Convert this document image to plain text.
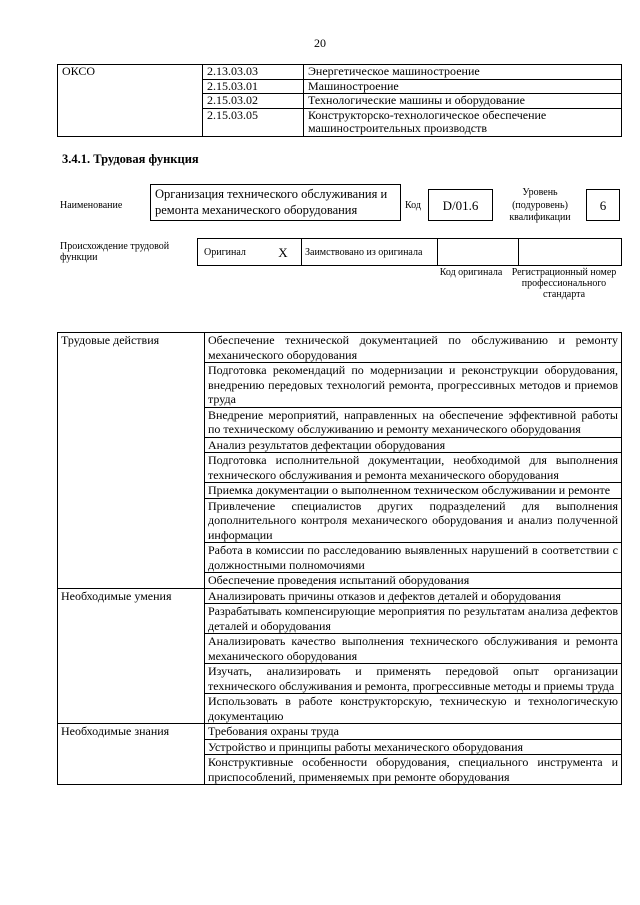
20
ОКСО	2.13.03.03	Энергетическое машиностроение
	2.15.03.01	Машиностроение
	2.15.03.02	Технологические машины и оборудование
	2.15.03.05	Конструкторско-технологическое обеспечение машиностроительных производств
3.4.1. Трудовая функция
Наименование
Организация технического обслуживания и ремонта механического оборудования	Код	D/01.6
Уровень (подуровень) квалификации
6
Происхождение трудовой функции	Оригинал	X	Заимствовано из оригинала		
Код оригинала Регистрационный номер профессионального стандарта
Трудовые действия	Обеспечение технической документацией по обслуживанию и ремонту механического оборудования
	Подготовка рекомендаций по модернизации и реконструкции оборудования, внедрению передовых технологий ремонта, прогрессивных методов и приемов труда
	Внедрение мероприятий, направленных на обеспечение эффективной работы по техническому обслуживанию и ремонту механического оборудования
	Анализ результатов дефектации оборудования
	Подготовка исполнительной документации, необходимой для выполнения технического обслуживания и ремонта механического оборудования
	Приемка документации о выполненном техническом обслуживании и ремонте
	Привлечение специалистов других подразделений для выполнения дополнительного контроля механического оборудования и анализ полученной информации
	Работа в комиссии по расследованию выявленных нарушений в соответствии с должностными полномочиями
	Обеспечение проведения испытаний оборудования
Необходимые умения	Анализировать причины отказов и дефектов деталей и оборудования
	Разрабатывать компенсирующие мероприятия по результатам анализа дефектов деталей и оборудования
	Анализировать качество выполнения технического обслуживания и ремонта механического оборудования
	Изучать, анализировать и применять передовой опыт организации технического обслуживания и ремонта, прогрессивные методы и приемы труда
	Использовать в работе конструкторскую, техническую и технологическую документацию
Необходимые знания	Требования охраны труда
	Устройство и принципы работы механического оборудования
	Конструктивные особенности оборудования, специального инструмента и приспособлений, применяемых при ремонте оборудования
